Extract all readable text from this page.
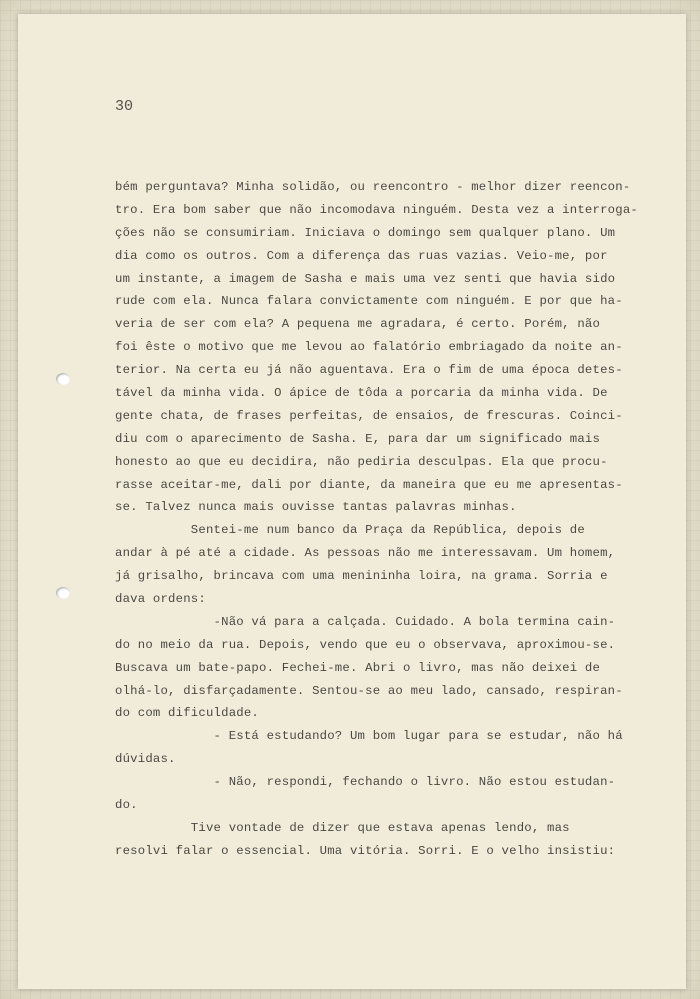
30

bém perguntava? Minha solidão, ou reencontro - melhor dizer reencon-
tro. Era bom saber que não incomodava ninguém. Desta vez a interroga-
ções não se consumiriam. Iniciava o domingo sem qualquer plano. Um
dia como os outros. Com a diferença das ruas vazias. Veio-me, por
um instante, a imagem de Sasha e mais uma vez senti que havia sido
rude com ela. Nunca falara convictamente com ninguém. E por que ha-
veria de ser com ela? A pequena me agradara, é certo. Porém, não
foi êste o motivo que me levou ao falatório embriagado da noite an-
terior. Na certa eu já não aguentava. Era o fim de uma época detes-
tável da minha vida. O ápice de tôda a porcaria da minha vida. De
gente chata, de frases perfeitas, de ensaios, de frescuras. Coinci-
diu com o aparecimento de Sasha. E, para dar um significado mais
honesto ao que eu decidira, não pediria desculpas. Ela que procu-
rasse aceitar-me, dali por diante, da maneira que eu me apresentas-
se. Talvez nunca mais ouvisse tantas palavras minhas.
Sentei-me num banco da Praça da República, depois de
andar à pé até a cidade. As pessoas não me interessavam. Um homem,
já grisalho, brincava com uma menininha loira, na grama. Sorria e
dava ordens:
-Não vá para a calçada. Cuidado. A bola termina cain-
do no meio da rua. Depois, vendo que eu o observava, aproximou-se.
Buscava um bate-papo. Fechei-me. Abri o livro, mas não deixei de
olhá-lo, disfarçadamente. Sentou-se ao meu lado, cansado, respiran-
do com dificuldade.
- Está estudando? Um bom lugar para se estudar, não há
dúvidas.
- Não, respondi, fechando o livro. Não estou estudan-
do.
Tive vontade de dizer que estava apenas lendo, mas
resolvi falar o essencial. Uma vitória. Sorri. E o velho insistiu:
